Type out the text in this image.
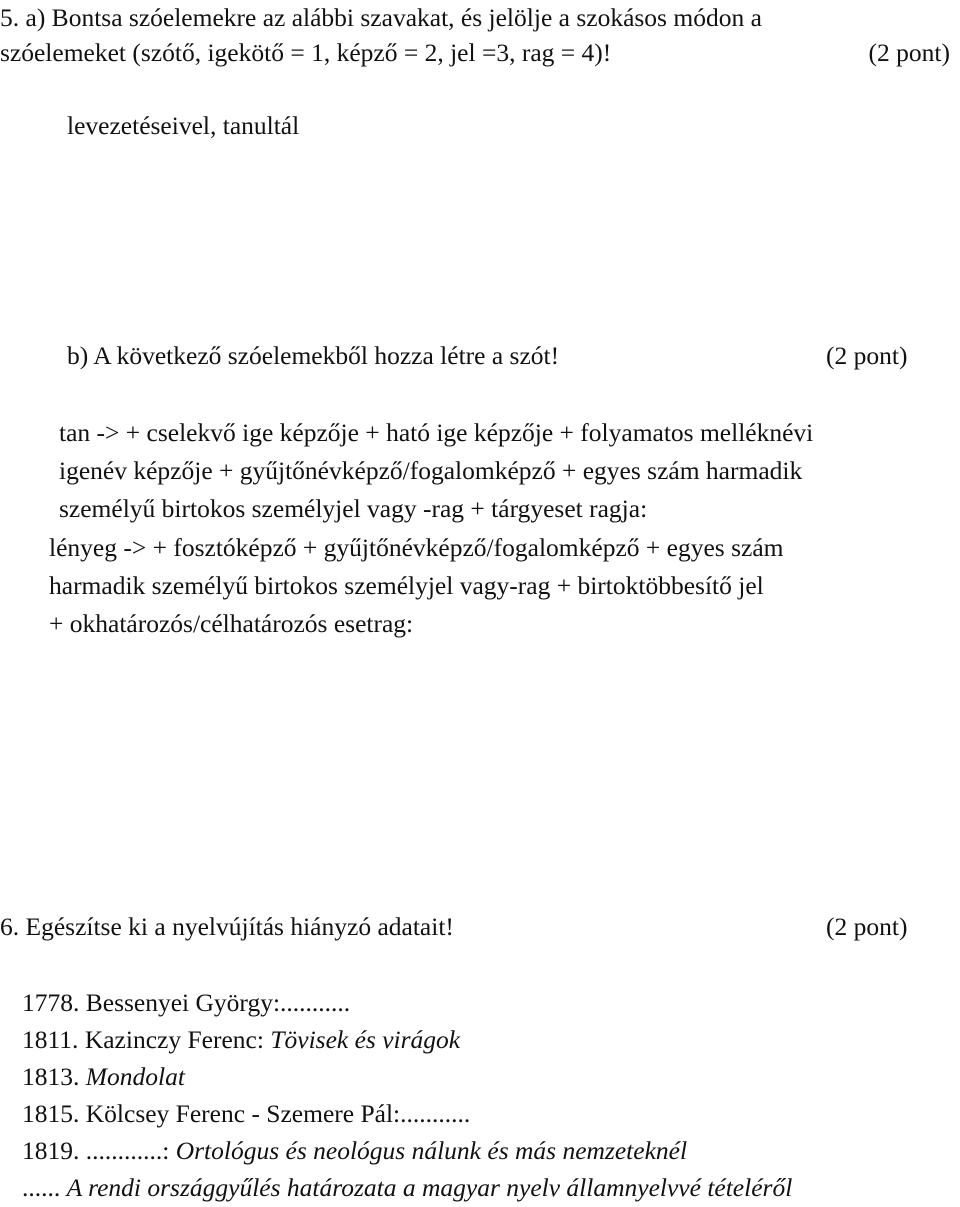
5. a) Bontsa szóelemekre az alábbi szavakat, és jelölje a szokásos módon a
szóelemeket (szótő, igekötő = 1, képző = 2, jel =3, rag = 4)!	(2 pont)
levezetéseivel, tanultál
b) A következő szóelemekből hozza létre a szót!	(2 pont)
tan -> + cselekvő ige képzője + ható ige képzője + folyamatos melléknévi
igenév képzője + gyűjtőnévképző/fogalomképző + egyes szám harmadik
személyű birtokos személyjel vagy -rag + tárgyeset ragja:
lényeg -> + fosztóképző + gyűjtőnévképző/fogalomképző + egyes szám
harmadik személyű birtokos személyjel vagy-rag + birtoktöbbesítő jel
+ okhatározós/célhatározós esetrag:
6. Egészítse ki a nyelvújítás hiányzó adatait!	(2 pont)
1778. Bessenyei György:...........
1811. Kazinczy Ferenc: Tövisek és virágok
1813. Mondolat
1815. Kölcsey Ferenc - Szemere Pál:...........
1819. ............: Ortológus és neológus nálunk és más nemzeteknél
...... A rendi országgyűlés határozata a magyar nyelv államnyelvvé tételéről
